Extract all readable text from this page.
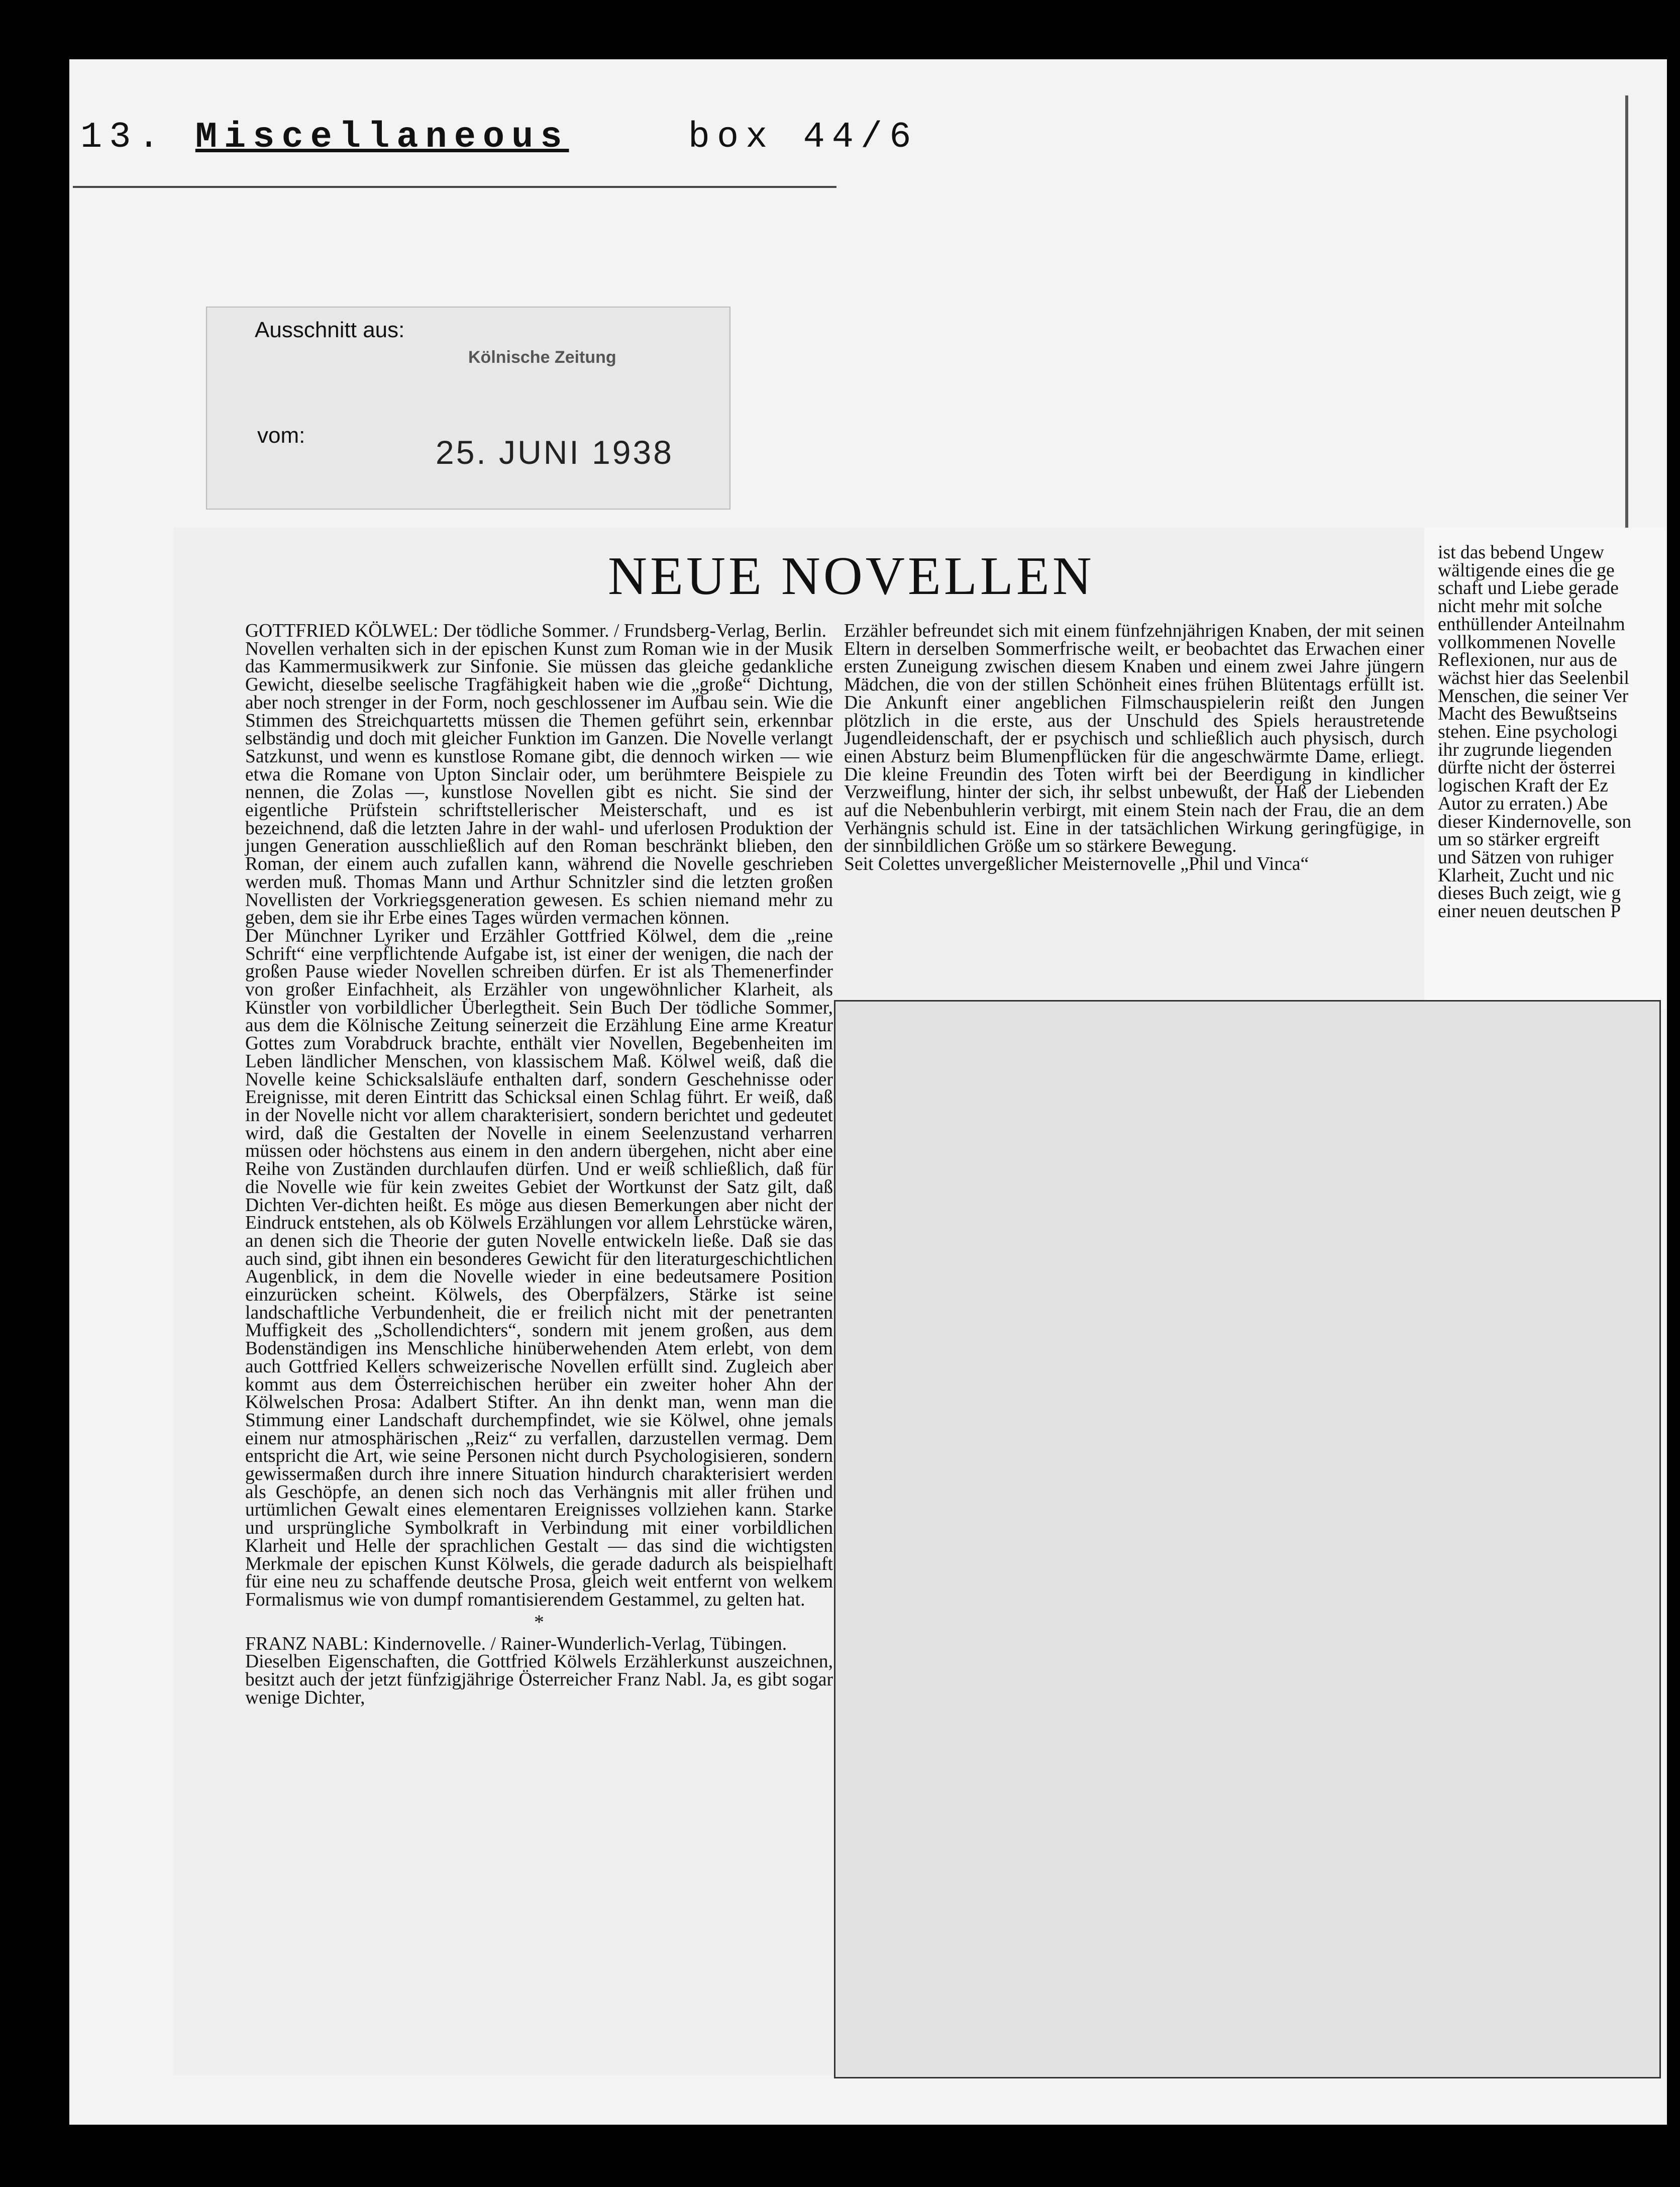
13. Miscellaneous	box 44/6
Ausschnitt aus:
Kölnische Zeitung
vom:	25. JUNI 1938
NEUE NOVELLEN

GOTTFRIED KÖLWEL: Der tödliche Sommer. / Frundsberg-Verlag, Berlin.

Novellen verhalten sich in der epischen Kunst zum Roman wie in der Musik das Kammermusikwerk zur Sinfonie. Sie müssen das gleiche gedankliche Gewicht, dieselbe seelische Tragfähigkeit haben wie die „große“ Dichtung, aber noch strenger in der Form, noch geschlossener im Aufbau sein. Wie die Stimmen des Streichquartetts müssen die Themen geführt sein, erkennbar selbständig und doch mit gleicher Funktion im Ganzen. Die Novelle verlangt Satzkunst, und wenn es kunstlose Romane gibt, die dennoch wirken — wie etwa die Romane von Upton Sinclair oder, um berühmtere Beispiele zu nennen, die Zolas —, kunstlose Novellen gibt es nicht. Sie sind der eigentliche Prüfstein schriftstellerischer Meisterschaft, und es ist bezeichnend, daß die letzten Jahre in der wahl- und uferlosen Produktion der jungen Generation ausschließlich auf den Roman beschränkt blieben, den Roman, der einem auch zufallen kann, während die Novelle geschrieben werden muß. Thomas Mann und Arthur Schnitzler sind die letzten großen Novellisten der Vorkriegsgeneration gewesen. Es schien niemand mehr zu geben, dem sie ihr Erbe eines Tages würden vermachen können.

Der Münchner Lyriker und Erzähler Gottfried Kölwel, dem die „reine Schrift“ eine verpflichtende Aufgabe ist, ist einer der wenigen, die nach der großen Pause wieder Novellen schreiben dürfen. Er ist als Themenerfinder von großer Einfachheit, als Erzähler von ungewöhnlicher Klarheit, als Künstler von vorbildlicher Überlegtheit. Sein Buch Der tödliche Sommer, aus dem die Kölnische Zeitung seinerzeit die Erzählung Eine arme Kreatur Gottes zum Vorabdruck brachte, enthält vier Novellen, Begebenheiten im Leben ländlicher Menschen, von klassischem Maß. Kölwel weiß, daß die Novelle keine Schicksalsläufe enthalten darf, sondern Geschehnisse oder Ereignisse, mit deren Eintritt das Schicksal einen Schlag führt. Er weiß, daß in der Novelle nicht vor allem charakterisiert, sondern berichtet und gedeutet wird, daß die Gestalten der Novelle in einem Seelenzustand verharren müssen oder höchstens aus einem in den andern übergehen, nicht aber eine Reihe von Zuständen durchlaufen dürfen. Und er weiß schließlich, daß für die Novelle wie für kein zweites Gebiet der Wortkunst der Satz gilt, daß Dichten Ver-dichten heißt. Es möge aus diesen Bemerkungen aber nicht der Eindruck entstehen, als ob Kölwels Erzählungen vor allem Lehrstücke wären, an denen sich die Theorie der guten Novelle entwickeln ließe. Daß sie das auch sind, gibt ihnen ein besonderes Gewicht für den literaturgeschichtlichen Augenblick, in dem die Novelle wieder in eine bedeutsamere Position einzurücken scheint. Kölwels, des Oberpfälzers, Stärke ist seine landschaftliche Verbundenheit, die er freilich nicht mit der penetranten Muffigkeit des „Schollendichters“, sondern mit jenem großen, aus dem Bodenständigen ins Menschliche hinüberwehenden Atem erlebt, von dem auch Gottfried Kellers schweizerische Novellen erfüllt sind. Zugleich aber kommt aus dem Österreichischen herüber ein zweiter hoher Ahn der Kölwelschen Prosa: Adalbert Stifter. An ihn denkt man, wenn man die Stimmung einer Landschaft durchempfindet, wie sie Kölwel, ohne jemals einem nur atmosphärischen „Reiz“ zu verfallen, darzustellen vermag. Dem entspricht die Art, wie seine Personen nicht durch Psychologisieren, sondern gewissermaßen durch ihre innere Situation hindurch charakterisiert werden als Geschöpfe, an denen sich noch das Verhängnis mit aller frühen und urtümlichen Gewalt eines elementaren Ereignisses vollziehen kann. Starke und ursprüngliche Symbolkraft in Verbindung mit einer vorbildlichen Klarheit und Helle der sprachlichen Gestalt — das sind die wichtigsten Merkmale der epischen Kunst Kölwels, die gerade dadurch als beispielhaft für eine neu zu schaffende deutsche Prosa, gleich weit entfernt von welkem Formalismus wie von dumpf romantisierendem Gestammel, zu gelten hat.

*

FRANZ NABL: Kindernovelle. / Rainer-Wunderlich-Verlag, Tübingen.

Dieselben Eigenschaften, die Gottfried Kölwels Erzählerkunst auszeichnen, besitzt auch der jetzt fünfzigjährige Österreicher Franz Nabl. Ja, es gibt sogar wenige Dichter,

Erzähler befreundet sich mit einem fünfzehnjährigen Knaben, der mit seinen Eltern in derselben Sommerfrische weilt, er beobachtet das Erwachen einer ersten Zuneigung zwischen diesem Knaben und einem zwei Jahre jüngern Mädchen, die von der stillen Schönheit eines frühen Blütentags erfüllt ist. Die Ankunft einer angeblichen Filmschauspielerin reißt den Jungen plötzlich in die erste, aus der Unschuld des Spiels heraustretende Jugendleidenschaft, der er psychisch und schließlich auch physisch, durch einen Absturz beim Blumenpflücken für die angeschwärmte Dame, erliegt. Die kleine Freundin des Toten wirft bei der Beerdigung in kindlicher Verzweiflung, hinter der sich, ihr selbst unbewußt, der Haß der Liebenden auf die Nebenbuhlerin verbirgt, mit einem Stein nach der Frau, die an dem Verhängnis schuld ist. Eine in der tatsächlichen Wirkung geringfügige, in der sinnbildlichen Größe um so stärkere Bewegung.

Seit Colettes unvergeßlicher Meisternovelle „Phil und Vinca“

ist das bebend Ungew

wältigende eines die ge

schaft und Liebe gerade

nicht mehr mit solche

enthüllender Anteilnahm

vollkommenen Novelle

Reflexionen, nur aus de

wächst hier das Seelenbil

Menschen, die seiner Ver

Macht des Bewußtseins

stehen. Eine psychologi

ihr zugrunde liegenden

dürfte nicht der österrei

logischen Kraft der Ez

Autor zu erraten.) Abe

dieser Kindernovelle, son

um so stärker ergreift

und Sätzen von ruhiger

Klarheit, Zucht und nic

dieses Buch zeigt, wie g

einer neuen deutschen P
